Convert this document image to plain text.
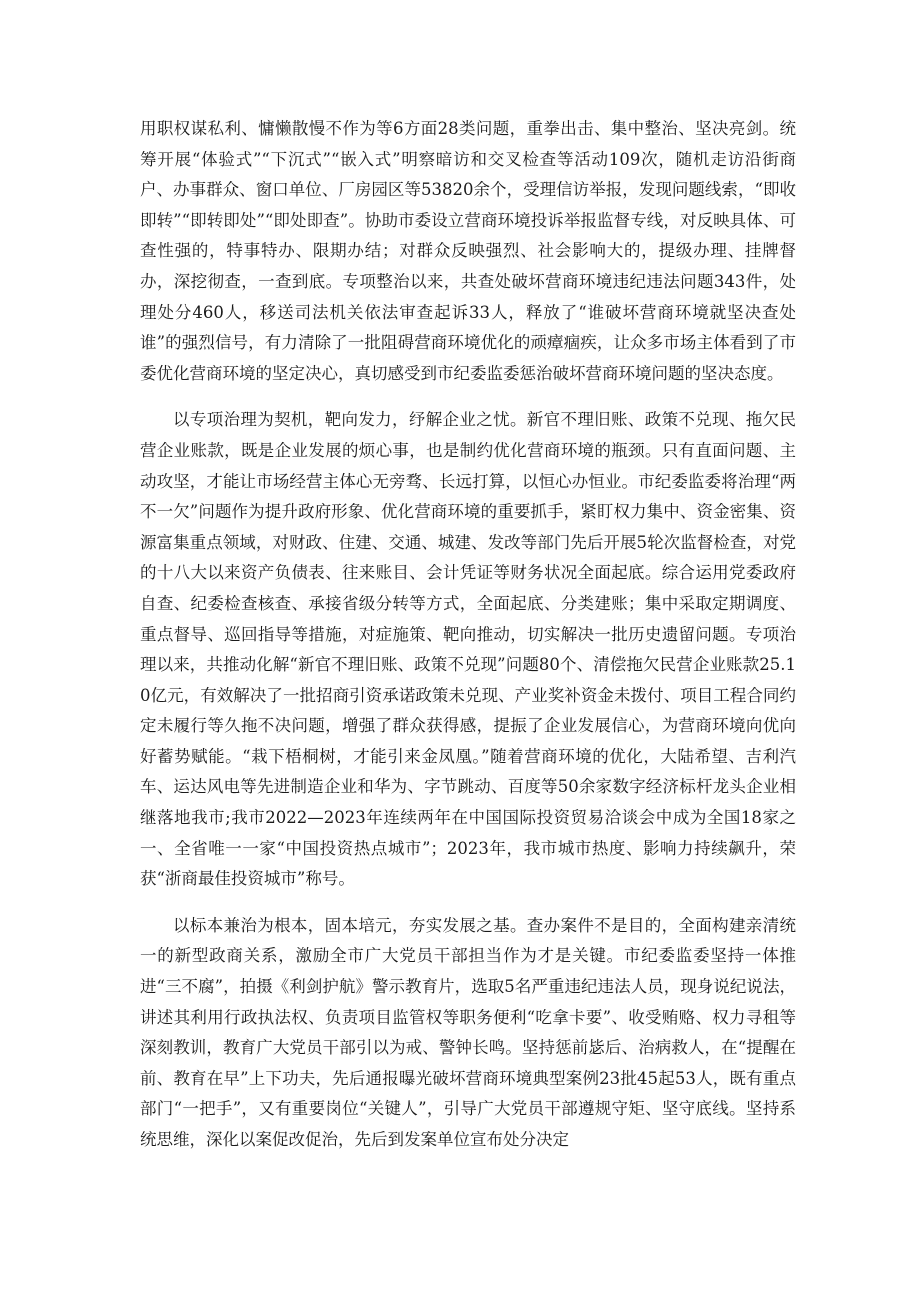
用职权谋私利、慵懒散慢不作为等6方面28类问题，重拳出击、集中整治、坚决亮剑。统筹开展“体验式”“下沉式”“嵌入式”明察暗访和交叉检查等活动109次，随机走访沿街商户、办事群众、窗口单位、厂房园区等53820余个，受理信访举报，发现问题线索，“即收即转”“即转即处”“即处即查”。协助市委设立营商环境投诉举报监督专线，对反映具体、可查性强的，特事特办、限期办结；对群众反映强烈、社会影响大的，提级办理、挂牌督办，深挖彻查，一查到底。专项整治以来，共查处破坏营商环境违纪违法问题343件，处理处分460人，移送司法机关依法审查起诉33人，释放了“谁破坏营商环境就坚决查处谁”的强烈信号，有力清除了一批阻碍营商环境优化的顽瘴痼疾，让众多市场主体看到了市委优化营商环境的坚定决心，真切感受到市纪委监委惩治破坏营商环境问题的坚决态度。

以专项治理为契机，靶向发力，纾解企业之忧。新官不理旧账、政策不兑现、拖欠民营企业账款，既是企业发展的烦心事，也是制约优化营商环境的瓶颈。只有直面问题、主动攻坚，才能让市场经营主体心无旁骛、长远打算，以恒心办恒业。市纪委监委将治理“两不一欠”问题作为提升政府形象、优化营商环境的重要抓手，紧盯权力集中、资金密集、资源富集重点领域，对财政、住建、交通、城建、发改等部门先后开展5轮次监督检查，对党的十八大以来资产负债表、往来账目、会计凭证等财务状况全面起底。综合运用党委政府自查、纪委检查核查、承接省级分转等方式，全面起底、分类建账；集中采取定期调度、重点督导、巡回指导等措施，对症施策、靶向推动，切实解决一批历史遗留问题。专项治理以来，共推动化解“新官不理旧账、政策不兑现”问题80个、清偿拖欠民营企业账款25.10亿元，有效解决了一批招商引资承诺政策未兑现、产业奖补资金未拨付、项目工程合同约定未履行等久拖不决问题，增强了群众获得感，提振了企业发展信心，为营商环境向优向好蓄势赋能。“栽下梧桐树，才能引来金凤凰。”随着营商环境的优化，大陆希望、吉利汽车、运达风电等先进制造企业和华为、字节跳动、百度等50余家数字经济标杆龙头企业相继落地我市;我市2022—2023年连续两年在中国国际投资贸易洽谈会中成为全国18家之一、全省唯一一家“中国投资热点城市”；2023年，我市城市热度、影响力持续飙升，荣获“浙商最佳投资城市”称号。

以标本兼治为根本，固本培元，夯实发展之基。查办案件不是目的，全面构建亲清统一的新型政商关系，激励全市广大党员干部担当作为才是关键。市纪委监委坚持一体推进“三不腐”，拍摄《利剑护航》警示教育片，选取5名严重违纪违法人员，现身说纪说法，讲述其利用行政执法权、负责项目监管权等职务便利“吃拿卡要”、收受贿赂、权力寻租等深刻教训，教育广大党员干部引以为戒、警钟长鸣。坚持惩前毖后、治病救人，在“提醒在前、教育在早”上下功夫，先后通报曝光破坏营商环境典型案例23批45起53人，既有重点部门“一把手”，又有重要岗位“关键人”，引导广大党员干部遵规守矩、坚守底线。坚持系统思维，深化以案促改促治，先后到发案单位宣布处分决定
